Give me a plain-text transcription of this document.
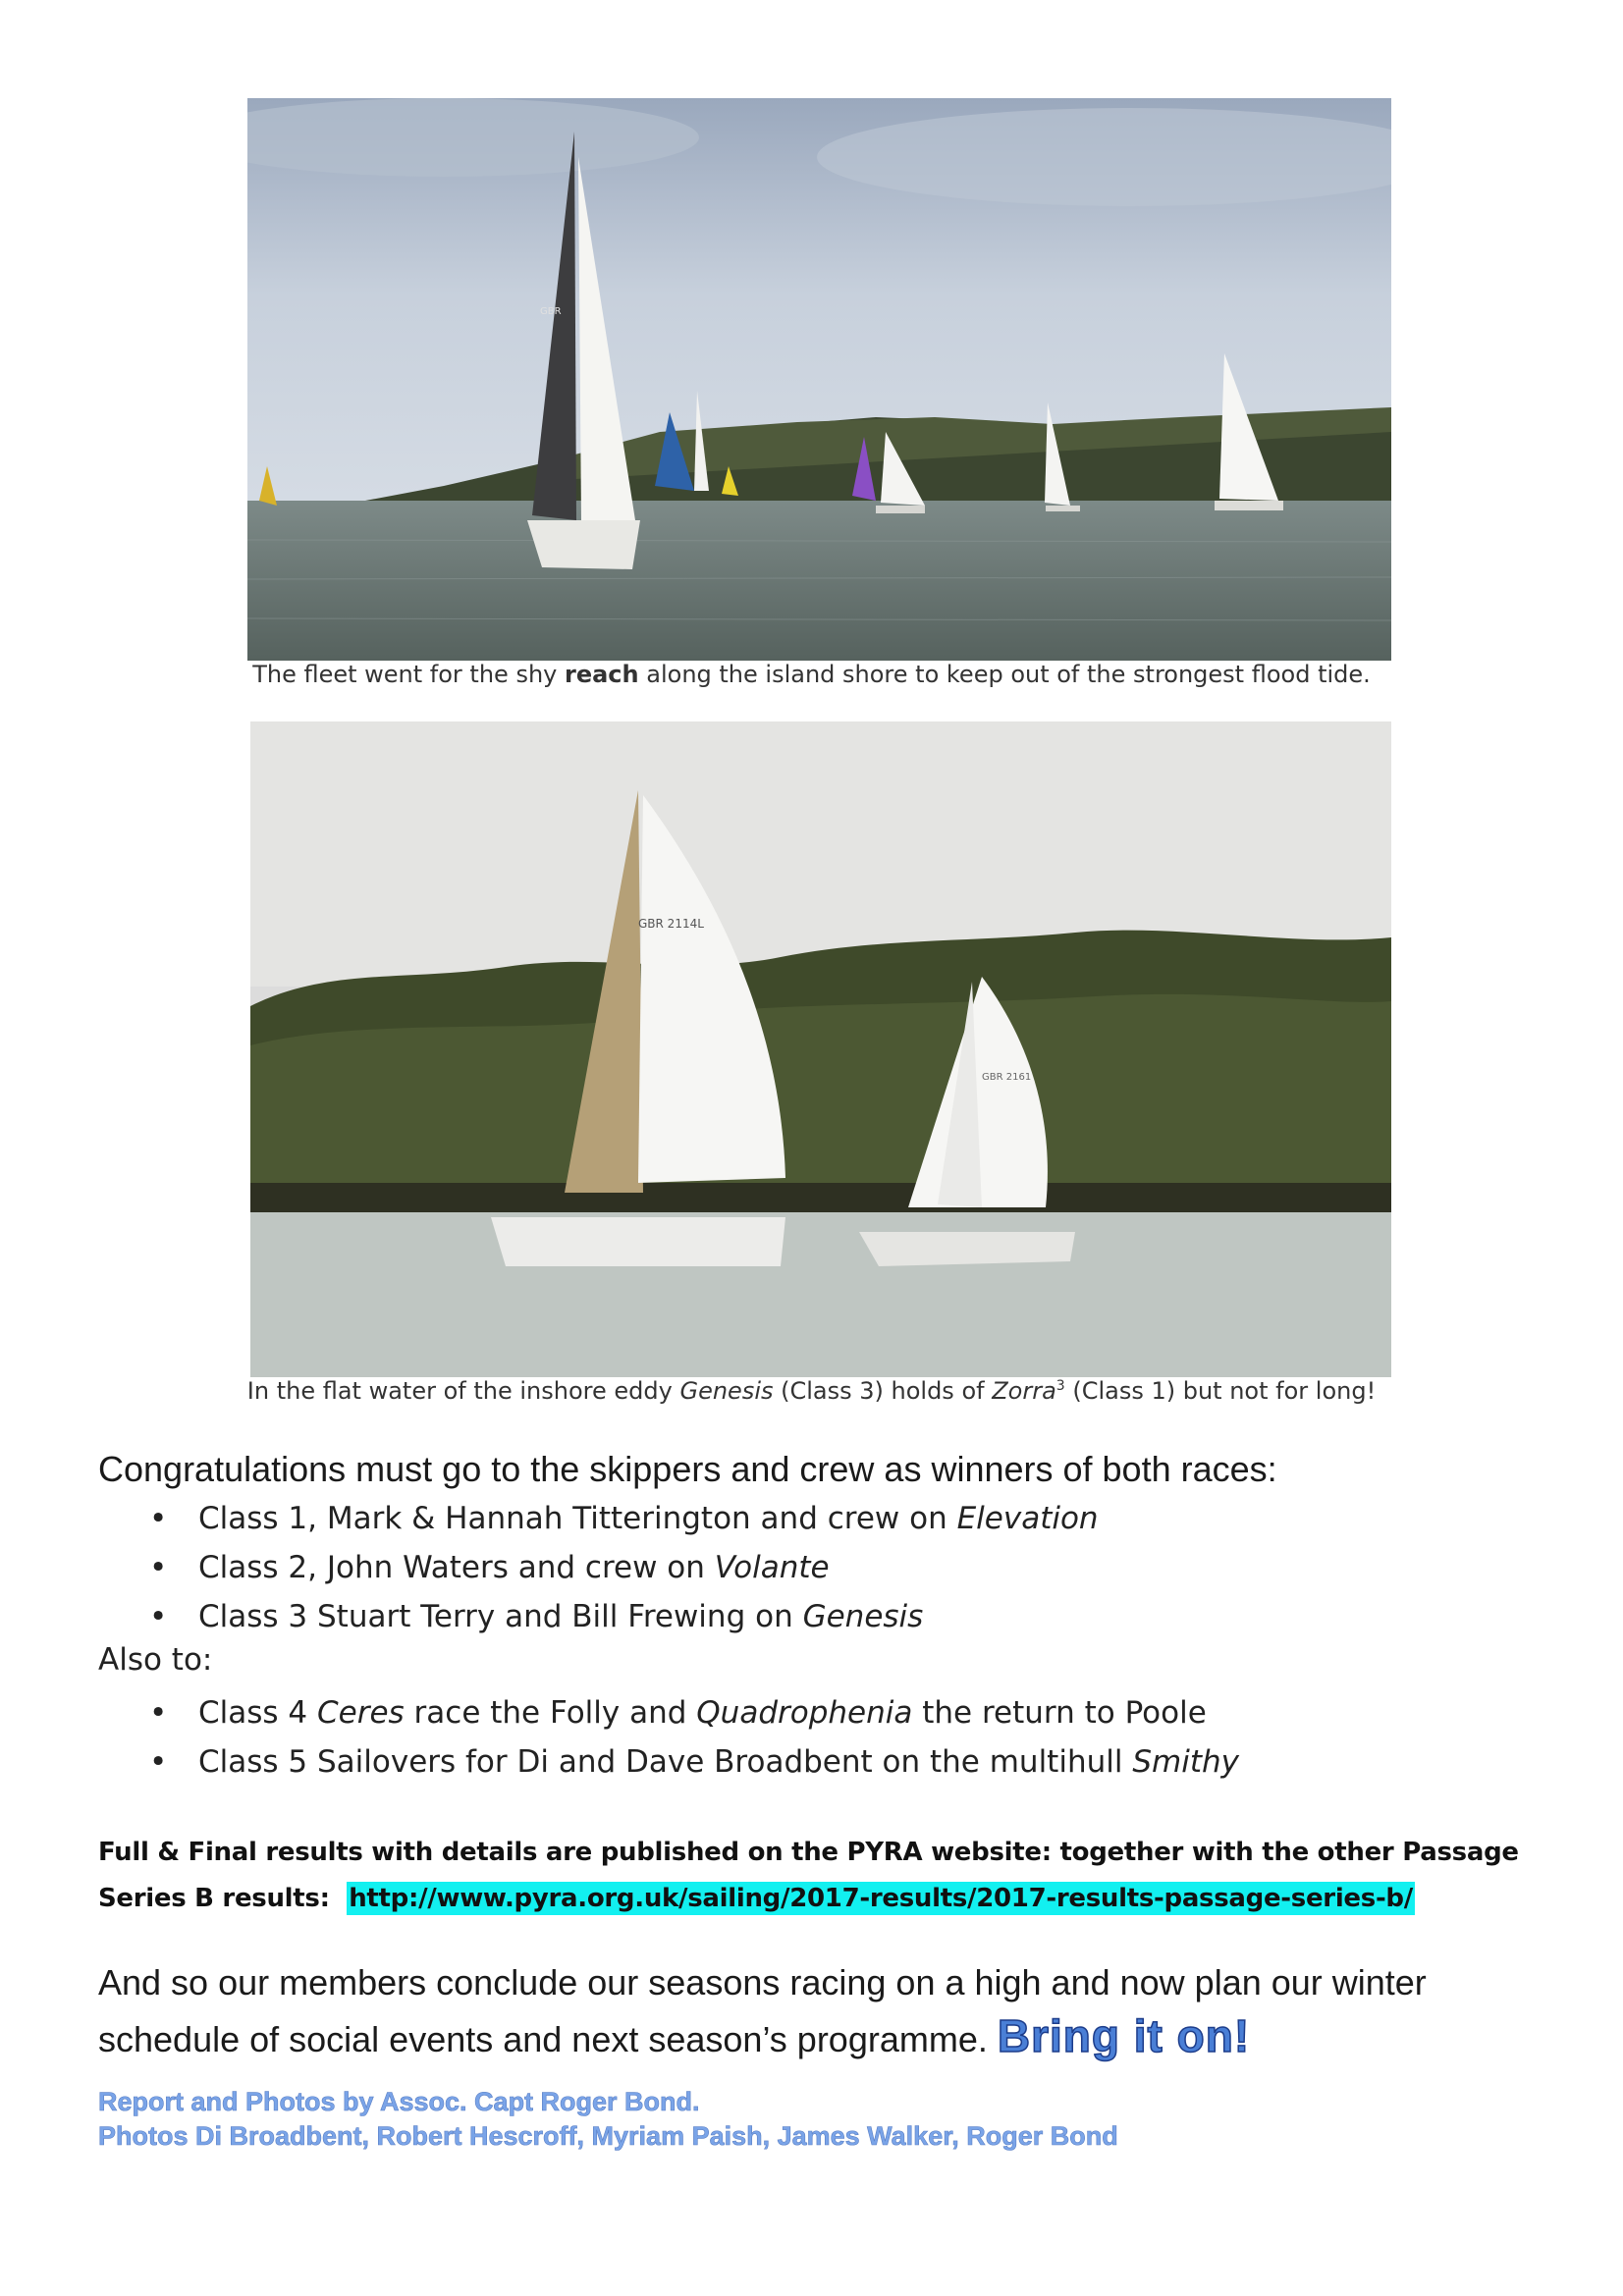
GBR
The fleet went for the shy reach along the island shore to keep out of the strongest flood tide.
GBR 2114L
GBR 2161
In the flat water of the inshore eddy Genesis (Class 3) holds of Zorra$^3$ (Class 1) but not for long!
Congratulations must go to the skippers and crew as winners of both races:
• Class 1, Mark & Hannah Titterington and crew on Elevation
• Class 2, John Waters and crew on Volante
• Class 3 Stuart Terry and Bill Frewing on Genesis
Also to:
• Class 4 Ceres race the Folly and Quadrophenia the return to Poole
• Class 5 Sailovers for Di and Dave Broadbent on the multihull Smithy
Full & Final results with details are published on the PYRA website: together with the other Passage Series B results: http://www.pyra.org.uk/sailing/2017-results/2017-results-passage-series-b/
And so our members conclude our seasons racing on a high and now plan our winter schedule of social events and next season’s programme. Bring it on!
Report and Photos by Assoc. Capt Roger Bond.
Photos Di Broadbent, Robert Hescroff, Myriam Paish, James Walker, Roger Bond
